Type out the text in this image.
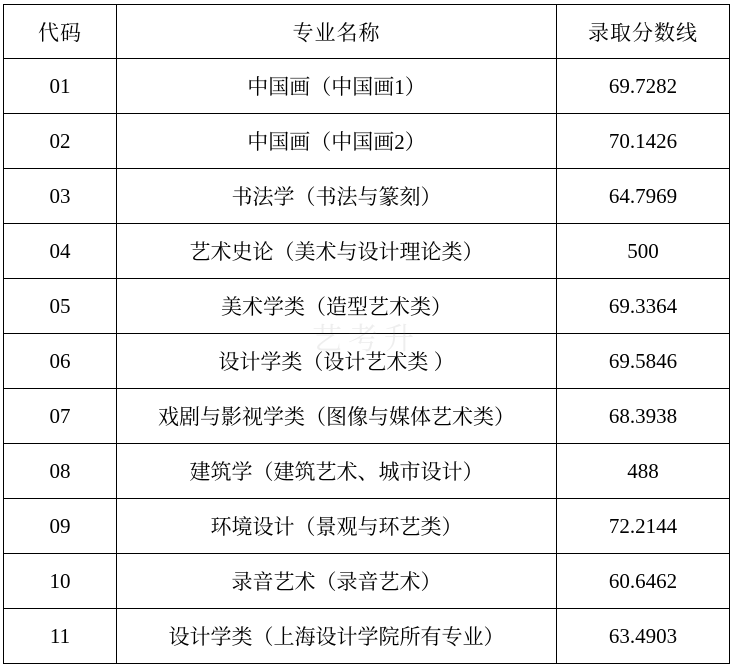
代码	专业名称	录取分数线
01	中国画（中国画1）	69.7282
02	中国画（中国画2）	70.1426
03	书法学（书法与篆刻）	64.7969
04	艺术史论（美术与设计理论类）	500
05	美术学类（造型艺术类）	69.3364
06	设计学类（设计艺术类 ）	69.5846
07	戏剧与影视学类（图像与媒体艺术类）	68.3938
08	建筑学（建筑艺术、城市设计）	488
09	环境设计（景观与环艺类）	72.2144
10	录音艺术（录音艺术）	60.6462
11	设计学类（上海设计学院所有专业）	63.4903
